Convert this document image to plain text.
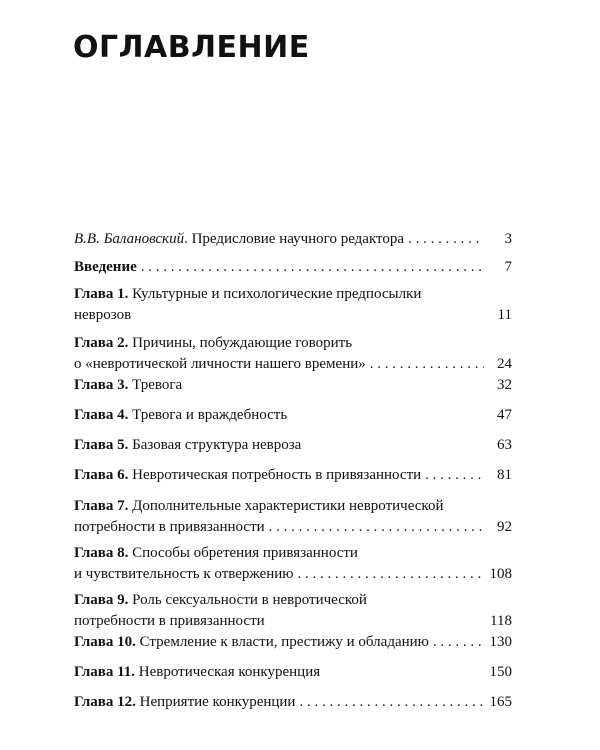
ОГЛАВЛЕНИЕ
В.В. Балановский. Предисловие научного редактора . . .	3
Введение . . .	7
Глава 1. Культурные и психологические предпосылки
неврозов	11
Глава 2. Причины, побуждающие говорить
о «невротической личности нашего времени» . . .	24
Глава 3. Тревога	32
Глава 4. Тревога и враждебность	47
Глава 5. Базовая структура невроза	63
Глава 6. Невротическая потребность в привязанности . . .	81
Глава 7. Дополнительные характеристики невротической
потребности в привязанности . . .	92
Глава 8. Способы обретения привязанности
и чувствительность к отвержению . . .	108
Глава 9. Роль сексуальности в невротической
потребности в привязанности	118
Глава 10. Стремление к власти, престижу и обладанию . . .	130
Глава 11. Невротическая конкуренция	150
Глава 12. Неприятие конкуренции . . .	165
